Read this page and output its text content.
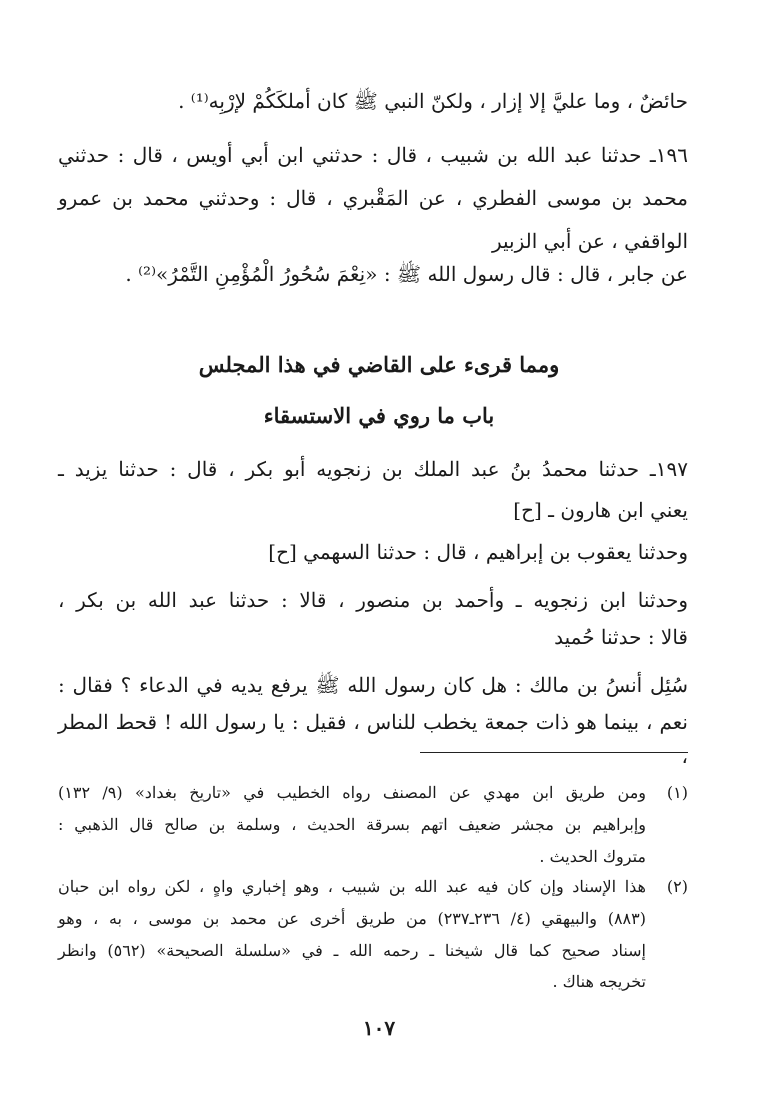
حائضٌ ، وما عليَّ إلا إزار ، ولكنّ النبي ﷺ كان أملكَكُمْ لإرْبِه⁽¹⁾ .
١٩٦ـ حدثنا عبد الله بن شبيب ، قال : حدثني ابن أبي أويس ، قال : حدثني
محمد بن موسى الفطري ، عن المَقْبري ، قال : وحدثني محمد بن عمرو
الواقفي ، عن أبي الزبير
عن جابر ، قال : قال رسول الله ﷺ : «نِعْمَ سُحُورُ الْمُؤْمِنِ التَّمْرُ»⁽²⁾ .
ومما قرىء على القاضي في هذا المجلس
باب ما روي في الاستسقاء
١٩٧ـ حدثنا محمدُ بنُ عبد الملك بن زنجويه أبو بكر ، قال : حدثنا يزيد ـ
يعني ابن هارون ـ [ح]
وحدثنا يعقوب بن إبراهيم ، قال : حدثنا السهمي [ح]
وحدثنا ابن زنجويه ـ وأحمد بن منصور ، قالا : حدثنا عبد الله بن بكر ،
قالا : حدثنا حُميد
سُئِل أنسُ بن مالك : هل كان رسول الله ﷺ يرفع يديه في الدعاء ؟ فقال :
نعم ، بينما هو ذات جمعة يخطب للناس ، فقيل : يا رسول الله ! قحط المطر ،
(١)
ومن طريق ابن مهدي عن المصنف رواه الخطيب في «تاريخ بغداد» (٩/ ١٣٢)
وإبراهيم بن مجشر ضعيف اتهم بسرقة الحديث ، وسلمة بن صالح قال الذهبي :
متروك الحديث .
(٢)
هذا الإسناد وإن كان فيه عبد الله بن شبيب ، وهو إخباري واهٍ ، لكن رواه ابن حبان
(٨٨٣) والبيهقي (٤/ ٢٣٦ـ٢٣٧) من طريق أخرى عن محمد بن موسى ، به ، وهو
إسناد صحيح كما قال شيخنا ـ رحمه الله ـ في «سلسلة الصحيحة» (٥٦٢) وانظر
تخريجه هناك .
١٠٧
